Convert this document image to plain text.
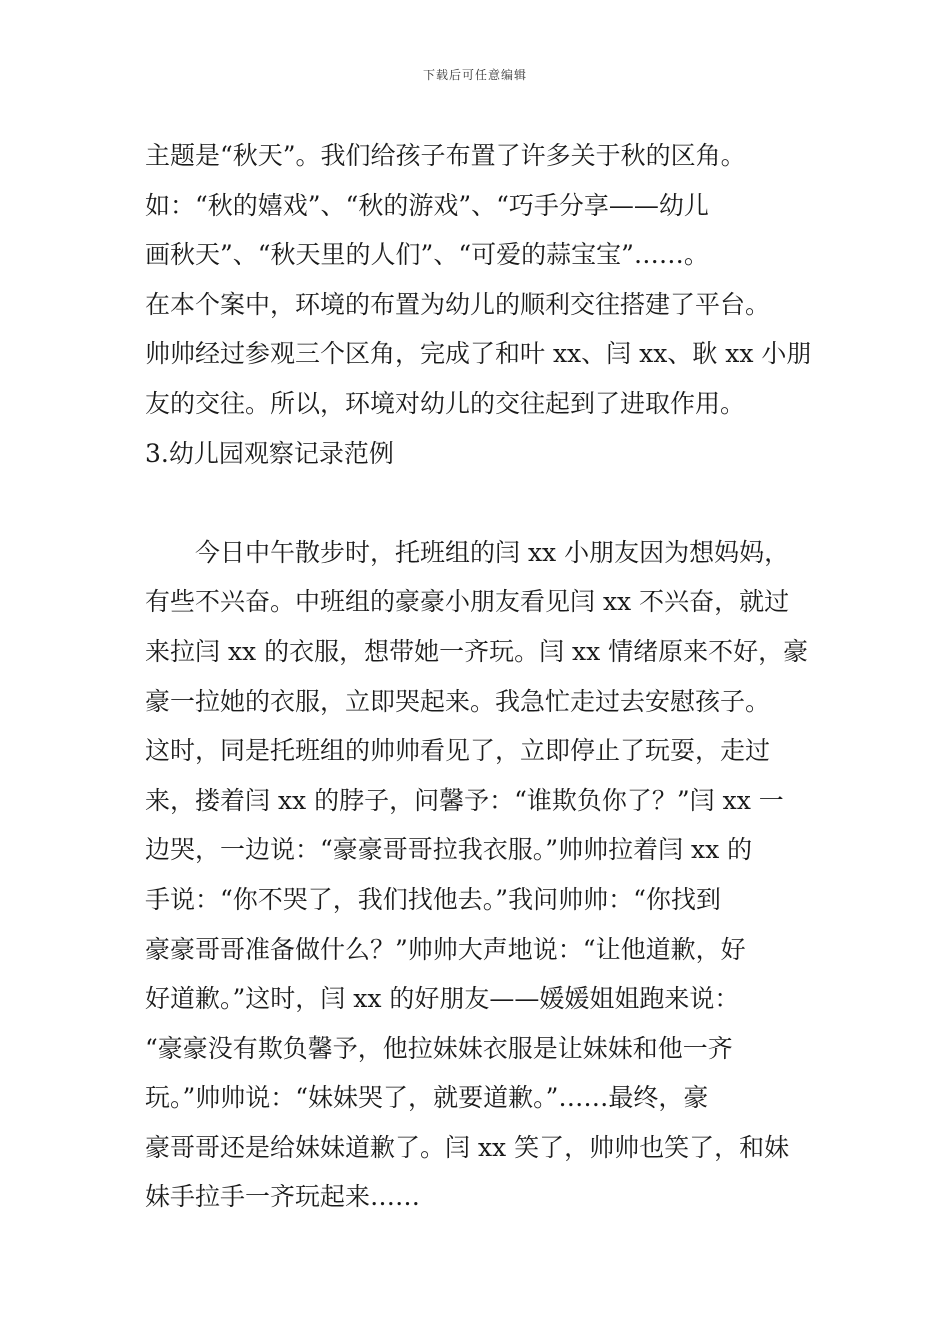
下载后可任意编辑
主题是“秋天”。我们给孩子布置了许多关于秋的区角。
如：“秋的嬉戏”、“秋的游戏”、“巧手分享——幼儿
画秋天”、“秋天里的人们”、“可爱的蒜宝宝”……。
在本个案中，环境的布置为幼儿的顺利交往搭建了平台。
帅帅经过参观三个区角，完成了和叶 xx、闫 xx、耿 xx 小朋
友的交往。所以，环境对幼儿的交往起到了进取作用。
3.幼儿园观察记录范例
今日中午散步时，托班组的闫 xx 小朋友因为想妈妈，
有些不兴奋。中班组的豪豪小朋友看见闫 xx 不兴奋，就过
来拉闫 xx 的衣服，想带她一齐玩。闫 xx 情绪原来不好，豪
豪一拉她的衣服，立即哭起来。我急忙走过去安慰孩子。
这时，同是托班组的帅帅看见了，立即停止了玩耍，走过
来，搂着闫 xx 的脖子，问馨予：“谁欺负你了？”闫 xx 一
边哭，一边说：“豪豪哥哥拉我衣服。”帅帅拉着闫 xx 的
手说：“你不哭了，我们找他去。”我问帅帅：“你找到
豪豪哥哥准备做什么？”帅帅大声地说：“让他道歉，好
好道歉。”这时，闫 xx 的好朋友——媛媛姐姐跑来说：
“豪豪没有欺负馨予，他拉妹妹衣服是让妹妹和他一齐
玩。”帅帅说：“妹妹哭了，就要道歉。”……最终，豪
豪哥哥还是给妹妹道歉了。闫 xx 笑了，帅帅也笑了，和妹
妹手拉手一齐玩起来……
